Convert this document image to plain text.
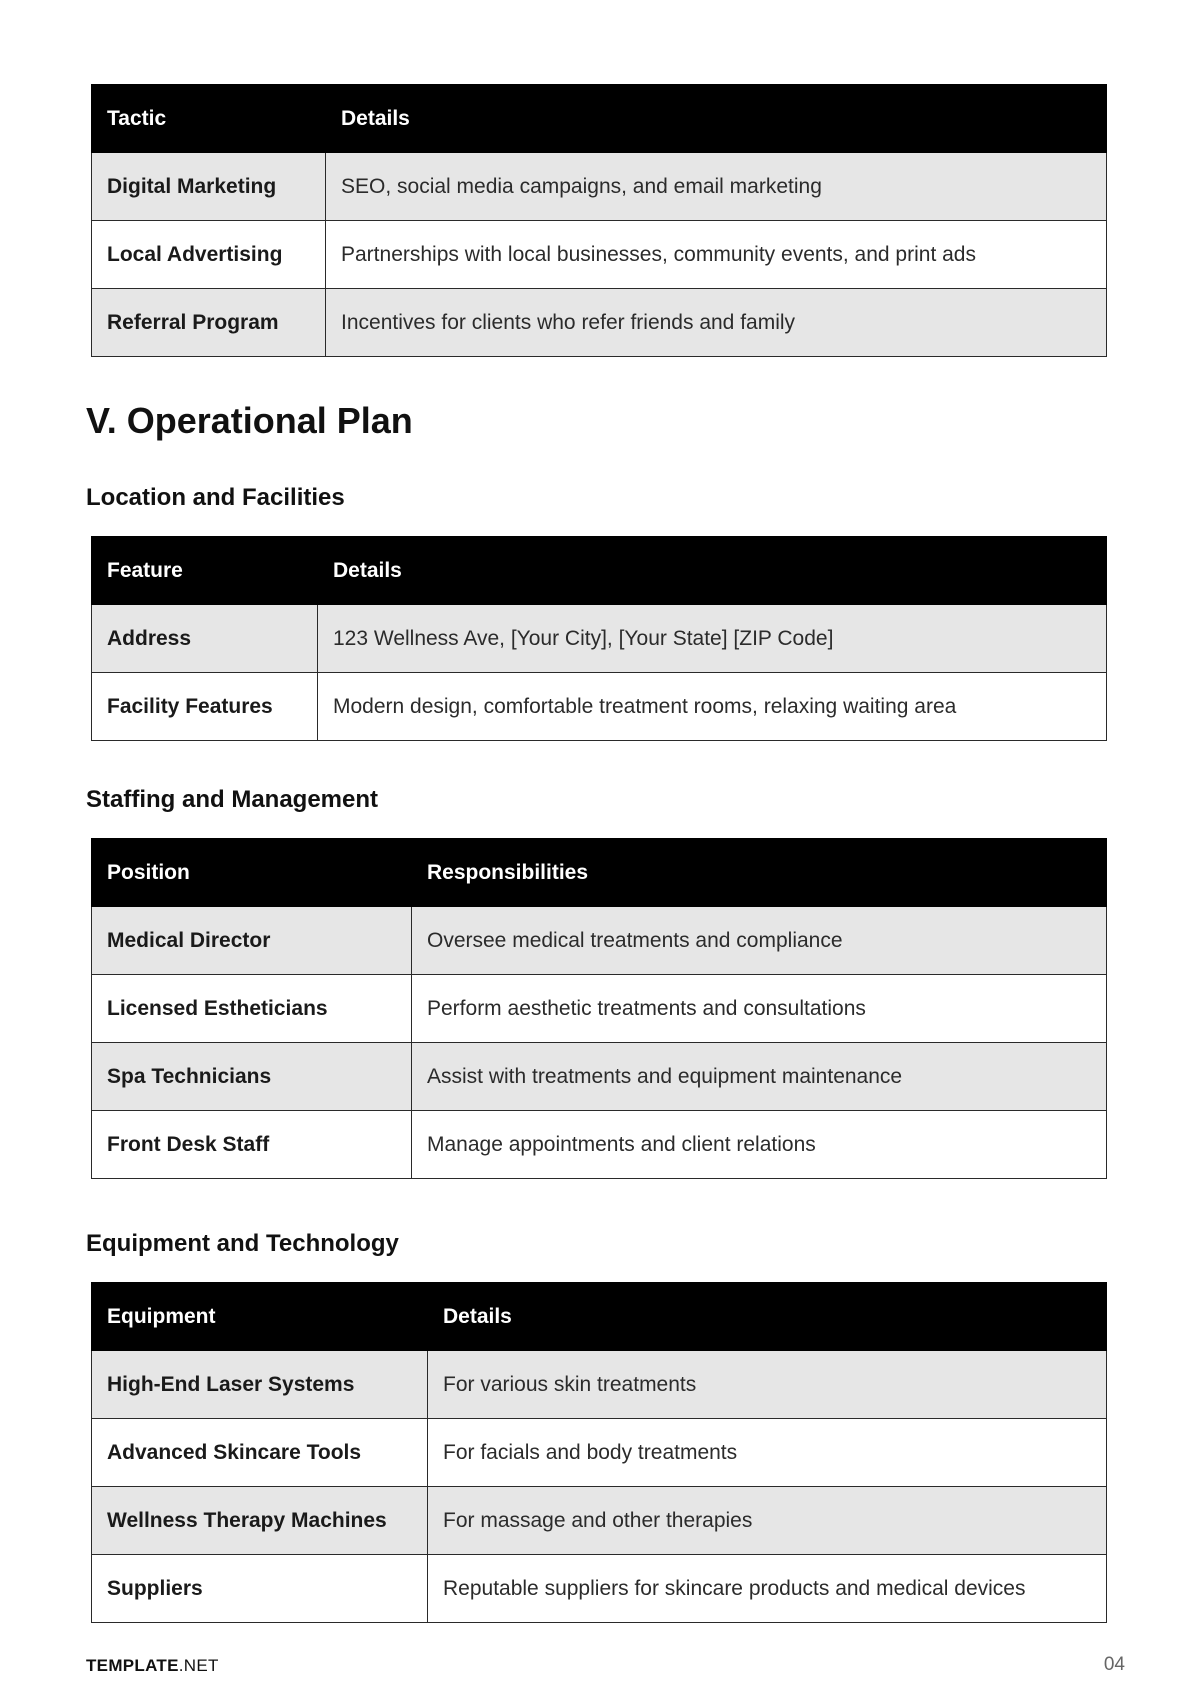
Tactic	Details
Digital Marketing	SEO, social media campaigns, and email marketing
Local Advertising	Partnerships with local businesses, community events, and print ads
Referral Program	Incentives for clients who refer friends and family
V. Operational Plan
Location and Facilities
Feature	Details
Address	123 Wellness Ave, [Your City], [Your State] [ZIP Code]
Facility Features	Modern design, comfortable treatment rooms, relaxing waiting area
Staffing and Management
Position	Responsibilities
Medical Director	Oversee medical treatments and compliance
Licensed Estheticians	Perform aesthetic treatments and consultations
Spa Technicians	Assist with treatments and equipment maintenance
Front Desk Staff	Manage appointments and client relations
Equipment and Technology
Equipment	Details
High-End Laser Systems	For various skin treatments
Advanced Skincare Tools	For facials and body treatments
Wellness Therapy Machines	For massage and other therapies
Suppliers	Reputable suppliers for skincare products and medical devices
TEMPLATE.NET	04
